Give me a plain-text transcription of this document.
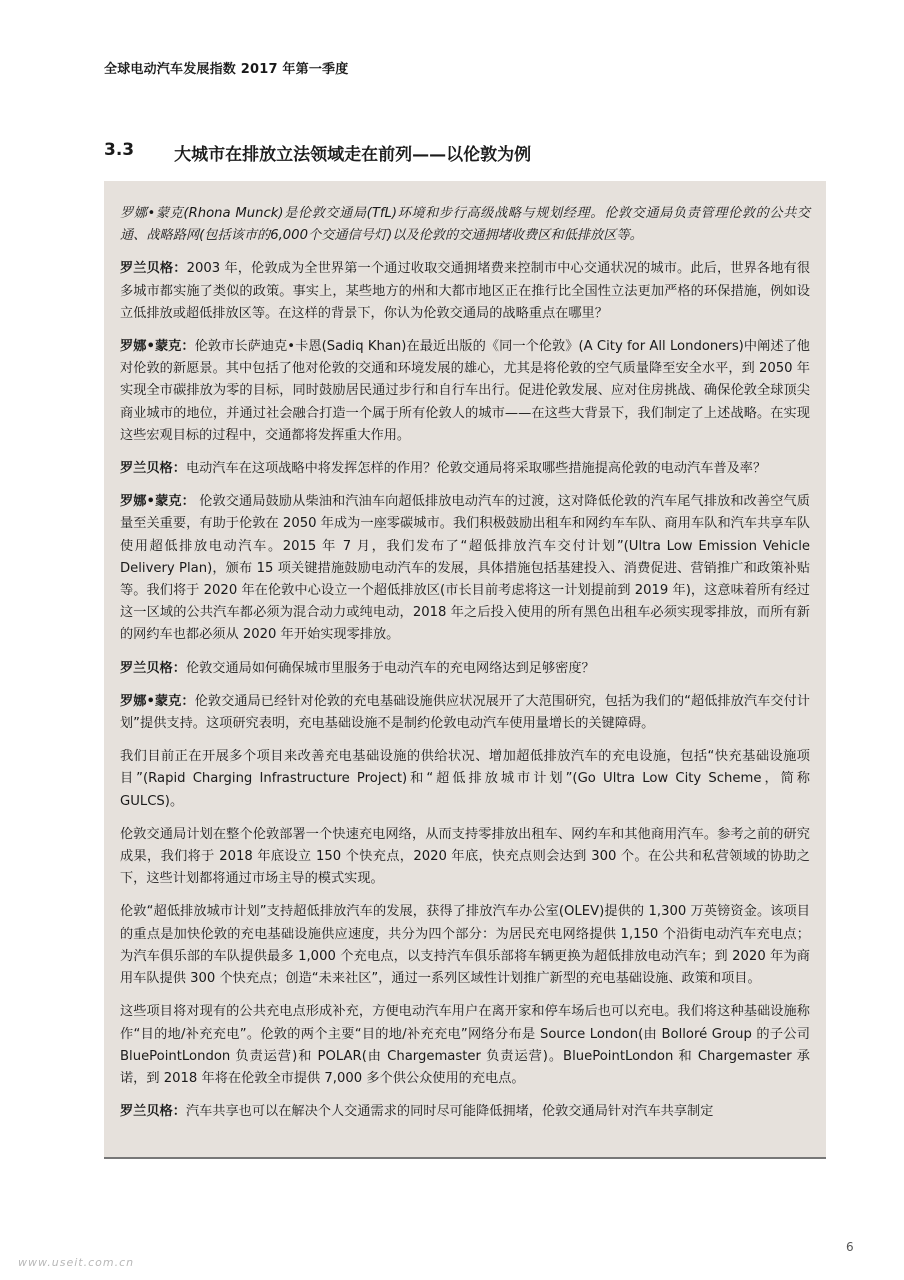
全球电动汽车发展指数 2017 年第一季度
3.3 大城市在排放立法领域走在前列——以伦敦为例

罗娜•蒙克(Rhona Munck)是伦敦交通局(TfL)环境和步行高级战略与规划经理。伦敦交通局负责管理伦敦的公共交通、战略路网(包括该市的6,000个交通信号灯)以及伦敦的交通拥堵收费区和低排放区等。

罗兰贝格：2003 年，伦敦成为全世界第一个通过收取交通拥堵费来控制市中心交通状况的城市。此后，世界各地有很多城市都实施了类似的政策。事实上，某些地方的州和大都市地区正在推行比全国性立法更加严格的环保措施，例如设立低排放或超低排放区等。在这样的背景下，你认为伦敦交通局的战略重点在哪里？

罗娜•蒙克：伦敦市长萨迪克•卡恩(Sadiq Khan)在最近出版的《同一个伦敦》(A City for All Londoners)中阐述了他对伦敦的新愿景。其中包括了他对伦敦的交通和环境发展的雄心，尤其是将伦敦的空气质量降至安全水平，到 2050 年实现全市碳排放为零的目标，同时鼓励居民通过步行和自行车出行。促进伦敦发展、应对住房挑战、确保伦敦全球顶尖商业城市的地位，并通过社会融合打造一个属于所有伦敦人的城市——在这些大背景下，我们制定了上述战略。在实现这些宏观目标的过程中，交通都将发挥重大作用。

罗兰贝格：电动汽车在这项战略中将发挥怎样的作用？伦敦交通局将采取哪些措施提高伦敦的电动汽车普及率？

罗娜•蒙克： 伦敦交通局鼓励从柴油和汽油车向超低排放电动汽车的过渡，这对降低伦敦的汽车尾气排放和改善空气质量至关重要，有助于伦敦在 2050 年成为一座零碳城市。我们积极鼓励出租车和网约车车队、商用车队和汽车共享车队使用超低排放电动汽车。2015 年 7 月，我们发布了“超低排放汽车交付计划”(Ultra Low Emission Vehicle Delivery Plan)，颁布 15 项关键措施鼓励电动汽车的发展，具体措施包括基建投入、消费促进、营销推广和政策补贴等。我们将于 2020 年在伦敦中心设立一个超低排放区(市长目前考虑将这一计划提前到 2019 年)，这意味着所有经过这一区域的公共汽车都必须为混合动力或纯电动，2018 年之后投入使用的所有黑色出租车必须实现零排放，而所有新的网约车也都必须从 2020 年开始实现零排放。

罗兰贝格：伦敦交通局如何确保城市里服务于电动汽车的充电网络达到足够密度？

罗娜•蒙克：伦敦交通局已经针对伦敦的充电基础设施供应状况展开了大范围研究，包括为我们的“超低排放汽车交付计划”提供支持。这项研究表明，充电基础设施不是制约伦敦电动汽车使用量增长的关键障碍。

我们目前正在开展多个项目来改善充电基础设施的供给状况、增加超低排放汽车的充电设施，包括“快充基础设施项目”(Rapid Charging Infrastructure Project)和“超低排放城市计划”(Go Ultra Low City Scheme，简称 GULCS)。

伦敦交通局计划在整个伦敦部署一个快速充电网络，从而支持零排放出租车、网约车和其他商用汽车。参考之前的研究成果，我们将于 2018 年底设立 150 个快充点，2020 年底，快充点则会达到 300 个。在公共和私营领域的协助之下，这些计划都将通过市场主导的模式实现。

伦敦“超低排放城市计划”支持超低排放汽车的发展，获得了排放汽车办公室(OLEV)提供的 1,300 万英镑资金。该项目的重点是加快伦敦的充电基础设施供应速度，共分为四个部分：为居民充电网络提供 1,150 个沿街电动汽车充电点；为汽车俱乐部的车队提供最多 1,000 个充电点，以支持汽车俱乐部将车辆更换为超低排放电动汽车；到 2020 年为商用车队提供 300 个快充点；创造“未来社区”，通过一系列区域性计划推广新型的充电基础设施、政策和项目。

这些项目将对现有的公共充电点形成补充，方便电动汽车用户在离开家和停车场后也可以充电。我们将这种基础设施称作“目的地/补充充电”。伦敦的两个主要“目的地/补充充电”网络分布是 Source London(由 Bolloré Group 的子公司 BluePointLondon 负责运营)和 POLAR(由 Chargemaster 负责运营)。BluePointLondon 和 Chargemaster 承诺，到 2018 年将在伦敦全市提供 7,000 多个供公众使用的充电点。

罗兰贝格：汽车共享也可以在解决个人交通需求的同时尽可能降低拥堵，伦敦交通局针对汽车共享制定

6
www.useit.com.cn
